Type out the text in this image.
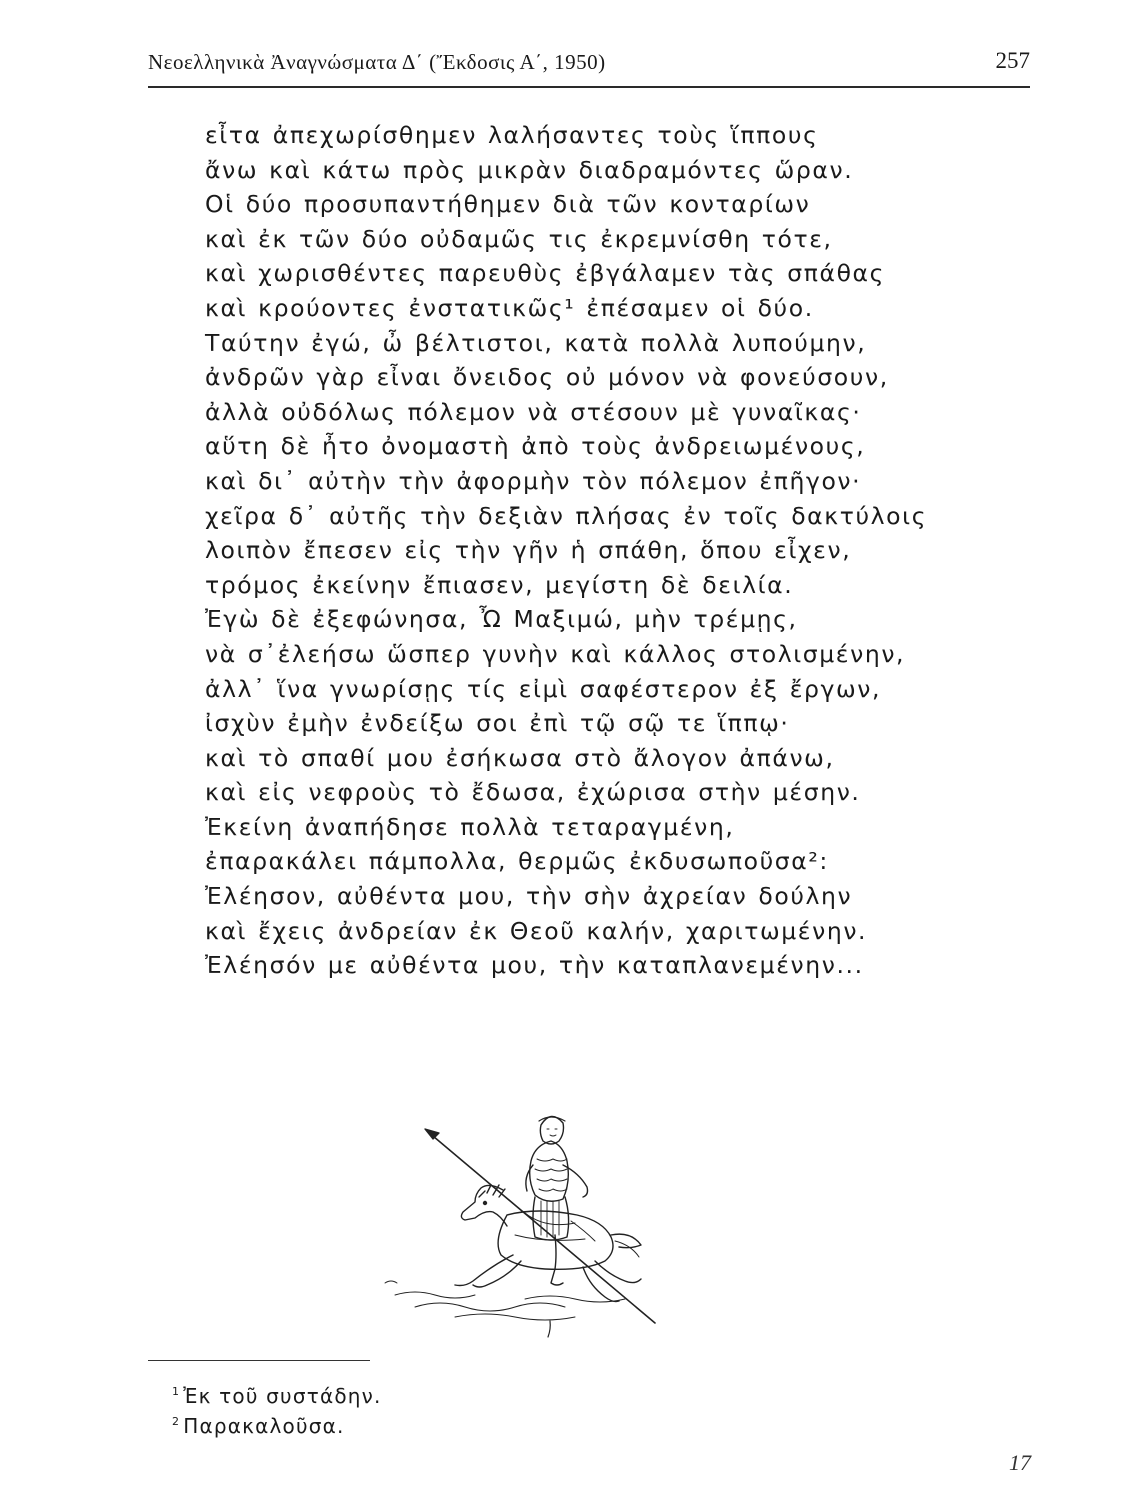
Νεοελληνικὰ Ἀναγνώσματα Δ΄ (Ἔκδοσις Α΄, 1950)	257
εἶτα ἀπεχωρίσθημεν λαλήσαντες τοὺς ἵππους
ἄνω καὶ κάτω πρὸς μικρὰν διαδραμόντες ὥραν.
Οἱ δύο προσυπαντήθημεν διὰ τῶν κονταρίων
καὶ ἐκ τῶν δύο οὐδαμῶς τις ἐκρεμνίσθη τότε,
καὶ χωρισθέντες παρευθὺς ἐβγάλαμεν τὰς σπάθας
καὶ κρούοντες ἐνστατικῶς¹ ἐπέσαμεν οἱ δύο.
Ταύτην ἐγώ, ὦ βέλτιστοι, κατὰ πολλὰ λυπούμην,
ἀνδρῶν γὰρ εἶναι ὄνειδος οὐ μόνον νὰ φονεύσουν,
ἀλλὰ οὐδόλως πόλεμον νὰ στέσουν μὲ γυναῖκας·
αὕτη δὲ ἦτο ὀνομαστὴ ἀπὸ τοὺς ἀνδρειωμένους,
καὶ δι᾽ αὐτὴν τὴν ἀφορμὴν τὸν πόλεμον ἐπῆγον·
χεῖρα δ᾽ αὐτῆς τὴν δεξιὰν πλήσας ἐν τοῖς δακτύλοις
λοιπὸν ἔπεσεν εἰς τὴν γῆν ἡ σπάθη, ὅπου εἶχεν,
τρόμος ἐκείνην ἔπιασεν, μεγίστη δὲ δειλία.
Ἐγὼ δὲ ἐξεφώνησα, Ὦ Μαξιμώ, μὴν τρέμῃς,
νὰ σ᾽ἐλεήσω ὥσπερ γυνὴν καὶ κάλλος στολισμένην,
ἀλλ᾽ ἵνα γνωρίσῃς τίς εἰμὶ σαφέστερον ἐξ ἔργων,
ἰσχὺν ἐμὴν ἐνδείξω σοι ἐπὶ τῷ σῷ τε ἵππῳ·
καὶ τὸ σπαθί μου ἐσήκωσα στὸ ἄλογον ἀπάνω,
καὶ εἰς νεφροὺς τὸ ἔδωσα, ἐχώρισα στὴν μέσην.
Ἐκείνη ἀναπήδησε πολλὰ τεταραγμένη,
ἐπαρακάλει πάμπολλα, θερμῶς ἐκδυσωποῦσα²:
Ἐλέησον, αὐθέντα μου, τὴν σὴν ἀχρείαν δούλην
καὶ ἔχεις ἀνδρείαν ἐκ Θεοῦ καλήν, χαριτωμένην.
Ἐλέησόν με αὐθέντα μου, τὴν καταπλανεμένην...
$^1$ Ἐκ τοῦ συστάδην.
$^2$ Παρακαλοῦσα.
17
